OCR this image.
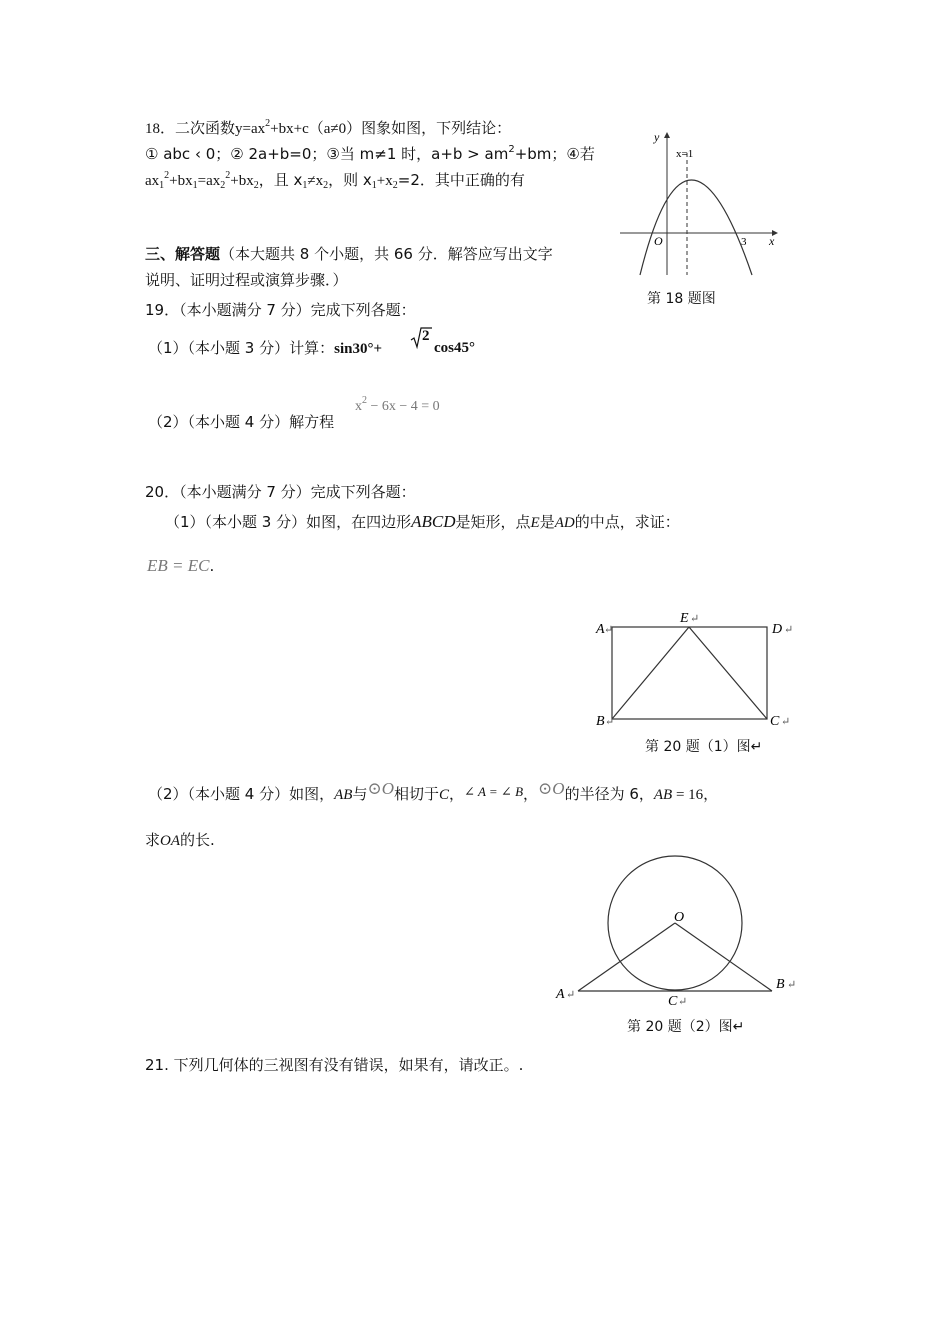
18．二次函数$y=ax^2+bx+c(a\ne 0)$图象如图，下列结论：
① abc ‹ 0；② 2a+b=0；③当 m≠1 时，$a+b > am^2+bm$；④若
$ax_1^2+bx_1=ax_2^2+bx_2$，且 $x_1\ne x_2$，则 $x_1+x_2=2$．其中正确的有
y
x
x=1
O	3
第 18 题图
三、解答题（本大题共 8 个小题，共 66 分．解答应写出文字
说明、证明过程或演算步骤．）
19．（本小题满分 7 分）完成下列各题：
（1）（本小题 3 分）计算：sin30°+
2
cos45°
（2）（本小题 4 分）解方程
$x^2 - 6x - 4 = 0$
20．（本小题满分 7 分）完成下列各题：
（1）（本小题 3 分）如图，在四边形ABCD是矩形，点E是AD的中点，求证：
EB = EC.
A ↵
B ↵	C ↵
D ↵
E ↵
第 20 题（1）图↵
（2）（本小题 4 分）如图，AB与⊙O相切于C，∠ A = ∠ B，⊙O的半径为 6，AB = 16，
求OA的长.
O
A ↵
B ↵
C ↵
第 20 题（2）图↵
21. 下列几何体的三视图有没有错误，如果有，请改正。.
